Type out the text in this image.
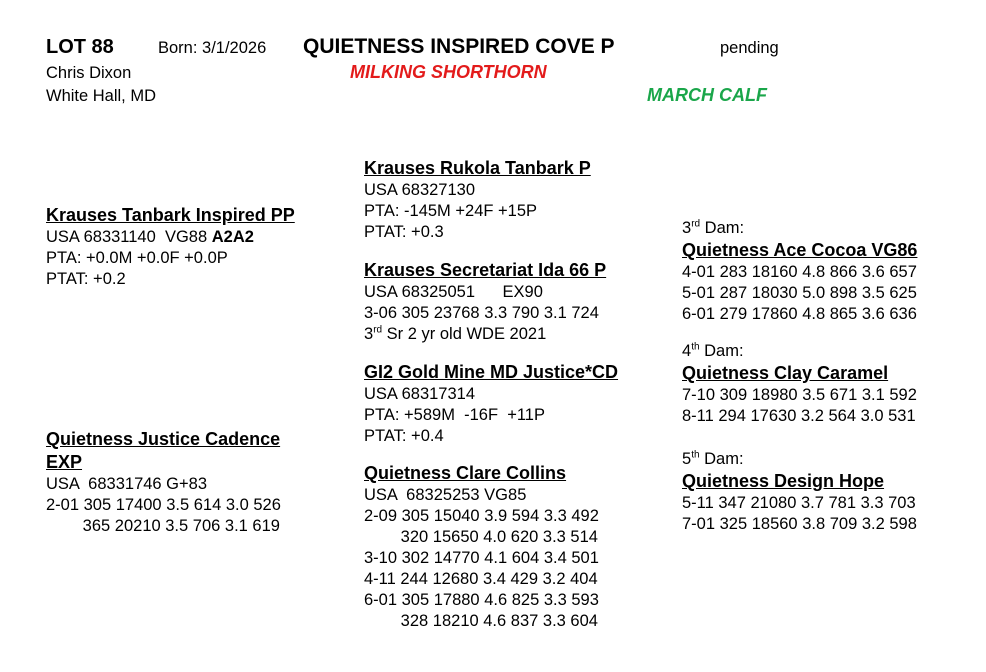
LOT 88	Born: 3/1/2026 QUIETNESS INSPIRED COVE P	pending
Chris Dixon	MILKING SHORTHORN
White Hall, MD	MARCH CALF
Krauses Tanbark Inspired PP
USA 68331140  VG88 A2A2
PTA: +0.0M +0.0F +0.0P
PTAT: +0.2
Quietness Justice Cadence
EXP
USA  68331746 G+83
2-01 305 17400 3.5 614 3.0 526
365 20210 3.5 706 3.1 619
Krauses Rukola Tanbark P
USA 68327130
PTA: -145M +24F +15P
PTAT: +0.3
Krauses Secretariat Ida 66 P
USA 68325051      EX90
3-06 305 23768 3.3 790 3.1 724
3rd Sr 2 yr old WDE 2021
GI2 Gold Mine MD Justice*CD
USA 68317314
PTA: +589M  -16F  +11P
PTAT: +0.4
Quietness Clare Collins
USA  68325253 VG85
2-09 305 15040 3.9 594 3.3 492
320 15650 4.0 620 3.3 514
3-10 302 14770 4.1 604 3.4 501
4-11 244 12680 3.4 429 3.2 404
6-01 305 17880 4.6 825 3.3 593
328 18210 4.6 837 3.3 604
3rd Dam:
Quietness Ace Cocoa VG86
4-01 283 18160 4.8 866 3.6 657
5-01 287 18030 5.0 898 3.5 625
6-01 279 17860 4.8 865 3.6 636
4th Dam:
Quietness Clay Caramel
7-10 309 18980 3.5 671 3.1 592
8-11 294 17630 3.2 564 3.0 531
5th Dam:
Quietness Design Hope
5-11 347 21080 3.7 781 3.3 703
7-01 325 18560 3.8 709 3.2 598
